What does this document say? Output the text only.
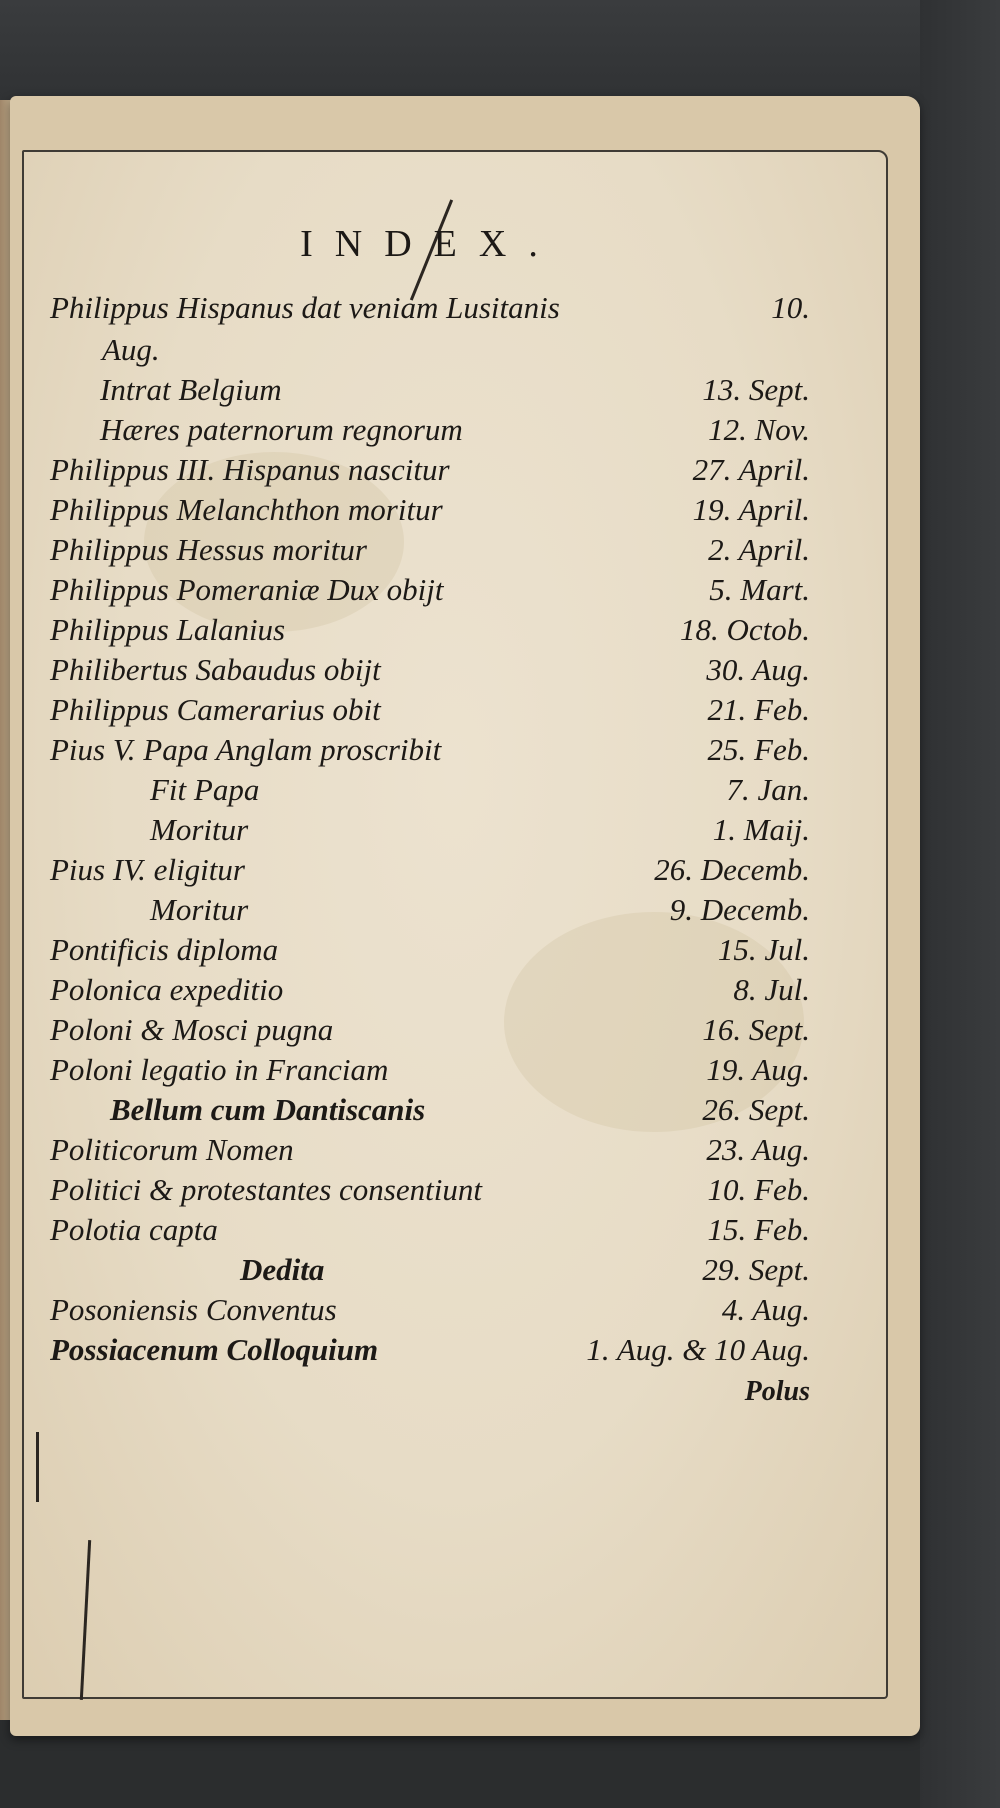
INDEX.
Philippus Hispanus dat veniam Lusitanis	10.
Aug.
Intrat Belgium	13. Sept.
Hæres paternorum regnorum	12. Nov.
Philippus III. Hispanus nascitur	27. April.
Philippus Melanchthon moritur	19. April.
Philippus Hessus moritur	2. April.
Philippus Pomeraniæ Dux obijt	5. Mart.
Philippus Lalanius	18. Octob.
Philibertus Sabaudus obijt	30. Aug.
Philippus Camerarius obit	21. Feb.
Pius V. Papa Anglam proscribit	25. Feb.
Fit Papa	7. Jan.
Moritur	1. Maij.
Pius IV. eligitur	26. Decemb.
Moritur	9. Decemb.
Pontificis diploma	15. Jul.
Polonica expeditio	8. Jul.
Poloni & Mosci pugna	16. Sept.
Poloni legatio in Franciam	19. Aug.
Bellum cum Dantiscanis	26. Sept.
Politicorum Nomen	23. Aug.
Politici & protestantes consentiunt	10. Feb.
Polotia capta	15. Feb.
Dedita	29. Sept.
Posoniensis Conventus	4. Aug.
Possiacenum Colloquium	1. Aug. & 10 Aug.
Polus
